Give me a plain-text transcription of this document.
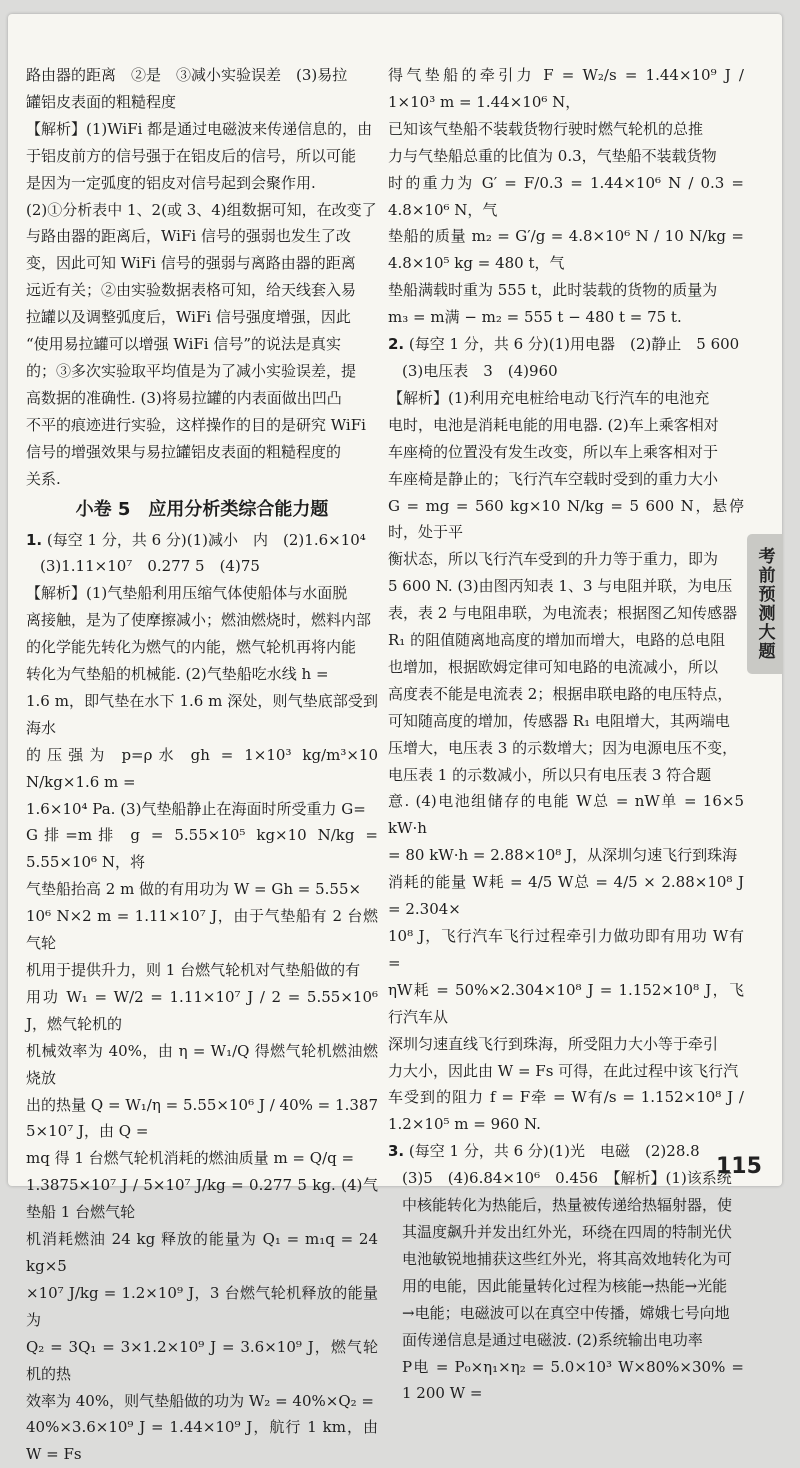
路由器的距离　②是　③减小实验误差　(3)易拉

罐铝皮表面的粗糙程度

【解析】(1)WiFi 都是通过电磁波来传递信息的，由

于铝皮前方的信号强于在铝皮后的信号，所以可能

是因为一定弧度的铝皮对信号起到会聚作用.

(2)①分析表中 1、2(或 3、4)组数据可知，在改变了

与路由器的距离后，WiFi 信号的强弱也发生了改

变，因此可知 WiFi 信号的强弱与离路由器的距离

远近有关；②由实验数据表格可知，给天线套入易

拉罐以及调整弧度后，WiFi 信号强度增强，因此

“使用易拉罐可以增强 WiFi 信号”的说法是真实

的；③多次实验取平均值是为了减小实验误差，提

高数据的准确性. (3)将易拉罐的内表面做出凹凸

不平的痕迹进行实验，这样操作的目的是研究 WiFi

信号的增强效果与易拉罐铝皮表面的粗糙程度的

关系.

小卷 5　应用分析类综合能力题

1. (每空 1 分，共 6 分)(1)减小　内　(2)1.6×10⁴

(3)1.11×10⁷　0.277 5　(4)75

【解析】(1)气垫船利用压缩气体使船体与水面脱

离接触，是为了使摩擦减小；燃油燃烧时，燃料内部

的化学能先转化为燃气的内能，燃气轮机再将内能

转化为气垫船的机械能. (2)气垫船吃水线 h =

1.6 m，即气垫在水下 1.6 m 深处，则气垫底部受到海水

的压强为 p=ρ水 gh = 1×10³ kg/m³×10 N/kg×1.6 m =

1.6×10⁴ Pa. (3)气垫船静止在海面时所受重力 G=

G排=m排 g = 5.55×10⁵ kg×10 N/kg = 5.55×10⁶ N，将

气垫船抬高 2 m 做的有用功为 W = Gh = 5.55×

10⁶ N×2 m = 1.11×10⁷ J，由于气垫船有 2 台燃气轮

机用于提供升力，则 1 台燃气轮机对气垫船做的有

用功 W₁ = W/2 = 1.11×10⁷ J / 2 = 5.55×10⁶ J，燃气轮机的

机械效率为 40%，由 η = W₁/Q 得燃气轮机燃油燃烧放

出的热量 Q = W₁/η = 5.55×10⁶ J / 40% = 1.387 5×10⁷ J，由 Q =

mq 得 1 台燃气轮机消耗的燃油质量 m = Q/q =

1.3875×10⁷ J / 5×10⁷ J/kg = 0.277 5 kg. (4)气垫船 1 台燃气轮

机消耗燃油 24 kg 释放的能量为 Q₁ = m₁q = 24 kg×5

×10⁷ J/kg = 1.2×10⁹ J，3 台燃气轮机释放的能量为

Q₂ = 3Q₁ = 3×1.2×10⁹ J = 3.6×10⁹ J，燃气轮机的热

效率为 40%，则气垫船做的功为 W₂ = 40%×Q₂ =

40%×3.6×10⁹ J = 1.44×10⁹ J，航行 1 km，由 W = Fs

得气垫船的牵引力 F = W₂/s = 1.44×10⁹ J / 1×10³ m = 1.44×10⁶ N，

已知该气垫船不装载货物行驶时燃气轮机的总推

力与气垫船总重的比值为 0.3，气垫船不装载货物

时的重力为 G′ = F/0.3 = 1.44×10⁶ N / 0.3 = 4.8×10⁶ N，气

垫船的质量 m₂ = G′/g = 4.8×10⁶ N / 10 N/kg = 4.8×10⁵ kg = 480 t，气

垫船满载时重为 555 t，此时装载的货物的质量为

m₃ = m满 − m₂ = 555 t − 480 t = 75 t.

2. (每空 1 分，共 6 分)(1)用电器　(2)静止　5 600

(3)电压表　3　(4)960

【解析】(1)利用充电桩给电动飞行汽车的电池充

电时，电池是消耗电能的用电器. (2)车上乘客相对

车座椅的位置没有发生改变，所以车上乘客相对于

车座椅是静止的；飞行汽车空载时受到的重力大小

G = mg = 560 kg×10 N/kg = 5 600 N，悬停时，处于平

衡状态，所以飞行汽车受到的升力等于重力，即为

5 600 N. (3)由图丙知表 1、3 与电阻并联，为电压

表，表 2 与电阻串联，为电流表；根据图乙知传感器

R₁ 的阻值随离地高度的增加而增大，电路的总电阻

也增加，根据欧姆定律可知电路的电流减小，所以

高度表不能是电流表 2；根据串联电路的电压特点，

可知随高度的增加，传感器 R₁ 电阻增大，其两端电

压增大，电压表 3 的示数增大；因为电源电压不变，

电压表 1 的示数减小，所以只有电压表 3 符合题

意. (4)电池组储存的电能 W总 = nW单 = 16×5 kW·h

= 80 kW·h = 2.88×10⁸ J，从深圳匀速飞行到珠海

消耗的能量 W耗 = 4/5 W总 = 4/5 × 2.88×10⁸ J = 2.304×

10⁸ J，飞行汽车飞行过程牵引力做功即有用功 W有 =

ηW耗 = 50%×2.304×10⁸ J = 1.152×10⁸ J，飞行汽车从

深圳匀速直线飞行到珠海，所受阻力大小等于牵引

力大小，因此由 W = Fs 可得，在此过程中该飞行汽

车受到的阻力 f = F牵 = W有/s = 1.152×10⁸ J / 1.2×10⁵ m = 960 N.

3. (每空 1 分，共 6 分)(1)光　电磁　(2)28.8

(3)5　(4)6.84×10⁶　0.456　【解析】(1)该系统

中核能转化为热能后，热量被传递给热辐射器，使

其温度飙升并发出红外光，环绕在四周的特制光伏

电池敏锐地捕获这些红外光，将其高效地转化为可

用的电能，因此能量转化过程为核能→热能→光能

→电能；电磁波可以在真空中传播，嫦娥七号向地

面传递信息是通过电磁波. (2)系统输出电功率

P电 = P₀×η₁×η₂ = 5.0×10³ W×80%×30% = 1 200 W =

考前预测大题
115
